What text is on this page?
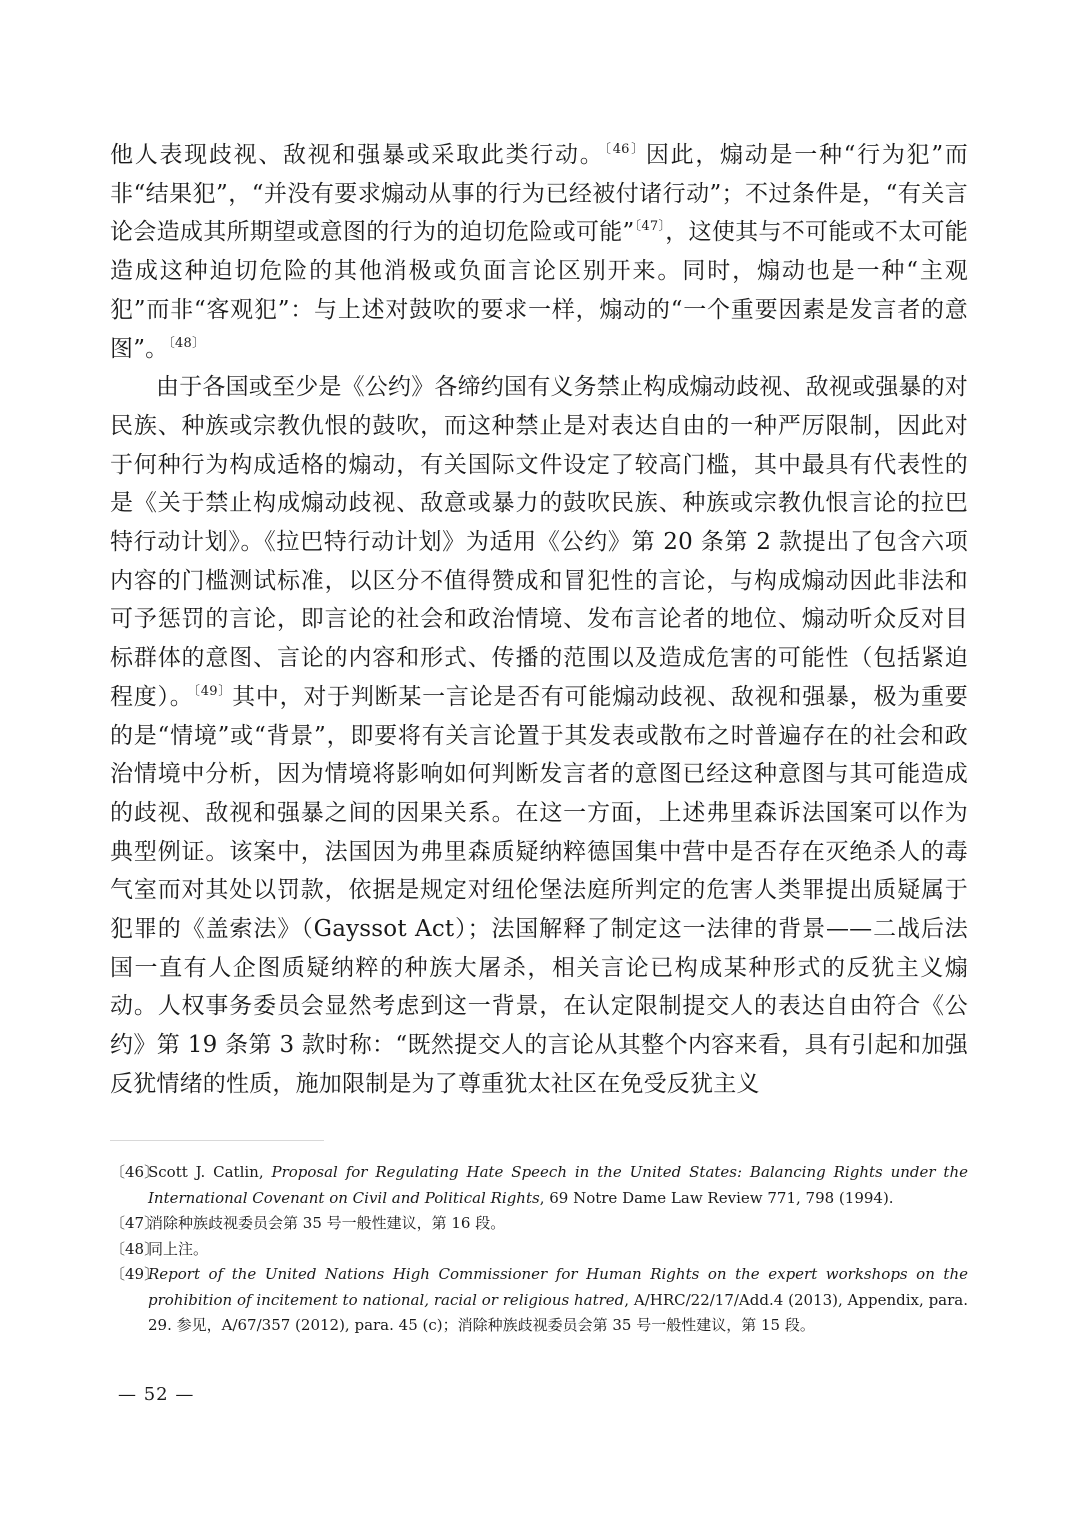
他人表现歧视、敌视和强暴或采取此类行动。$^{〔46〕}$因此，煽动是一种“行为犯”而非“结果犯”，“并没有要求煽动从事的行为已经被付诸行动”；不过条件是，“有关言论会造成其所期望或意图的行为的迫切危险或可能”$^{〔47〕}$，这使其与不可能或不太可能造成这种迫切危险的其他消极或负面言论区别开来。同时，煽动也是一种“主观犯”而非“客观犯”：与上述对鼓吹的要求一样，煽动的“一个重要因素是发言者的意图”。$^{〔48〕}$

由于各国或至少是《公约》各缔约国有义务禁止构成煽动歧视、敌视或强暴的对民族、种族或宗教仇恨的鼓吹，而这种禁止是对表达自由的一种严厉限制，因此对于何种行为构成适格的煽动，有关国际文件设定了较高门槛，其中最具有代表性的是《关于禁止构成煽动歧视、敌意或暴力的鼓吹民族、种族或宗教仇恨言论的拉巴特行动计划》。《拉巴特行动计划》为适用《公约》第 20 条第 2 款提出了包含六项内容的门槛测试标准，以区分不值得赞成和冒犯性的言论，与构成煽动因此非法和可予惩罚的言论，即言论的社会和政治情境、发布言论者的地位、煽动听众反对目标群体的意图、言论的内容和形式、传播的范围以及造成危害的可能性（包括紧迫程度）。$^{〔49〕}$其中，对于判断某一言论是否有可能煽动歧视、敌视和强暴，极为重要的是“情境”或“背景”，即要将有关言论置于其发表或散布之时普遍存在的社会和政治情境中分析，因为情境将影响如何判断发言者的意图已经这种意图与其可能造成的歧视、敌视和强暴之间的因果关系。在这一方面，上述弗里森诉法国案可以作为典型例证。该案中，法国因为弗里森质疑纳粹德国集中营中是否存在灭绝杀人的毒气室而对其处以罚款，依据是规定对纽伦堡法庭所判定的危害人类罪提出质疑属于犯罪的《盖索法》（Gayssot Act）；法国解释了制定这一法律的背景——二战后法国一直有人企图质疑纳粹的种族大屠杀，相关言论已构成某种形式的反犹主义煽动。人权事务委员会显然考虑到这一背景，在认定限制提交人的表达自由符合《公约》第 19 条第 3 款时称：“既然提交人的言论从其整个内容来看，具有引起和加强反犹情绪的性质，施加限制是为了尊重犹太社区在免受反犹主义

〔46〕
Scott J. Catlin, Proposal for Regulating Hate Speech in the United States: Balancing Rights under the International Covenant on Civil and Political Rights, 69 Notre Dame Law Review 771, 798 (1994).

〔47〕
消除种族歧视委员会第 35 号一般性建议，第 16 段。

〔48〕
同上注。

〔49〕
Report of the United Nations High Commissioner for Human Rights on the expert workshops on the prohibition of incitement to national, racial or religious hatred, A/HRC/22/17/Add.4 (2013), Appendix, para. 29. 参见，A/67/357 (2012), para. 45 (c)；消除种族歧视委员会第 35 号一般性建议，第 15 段。

— 52 —
